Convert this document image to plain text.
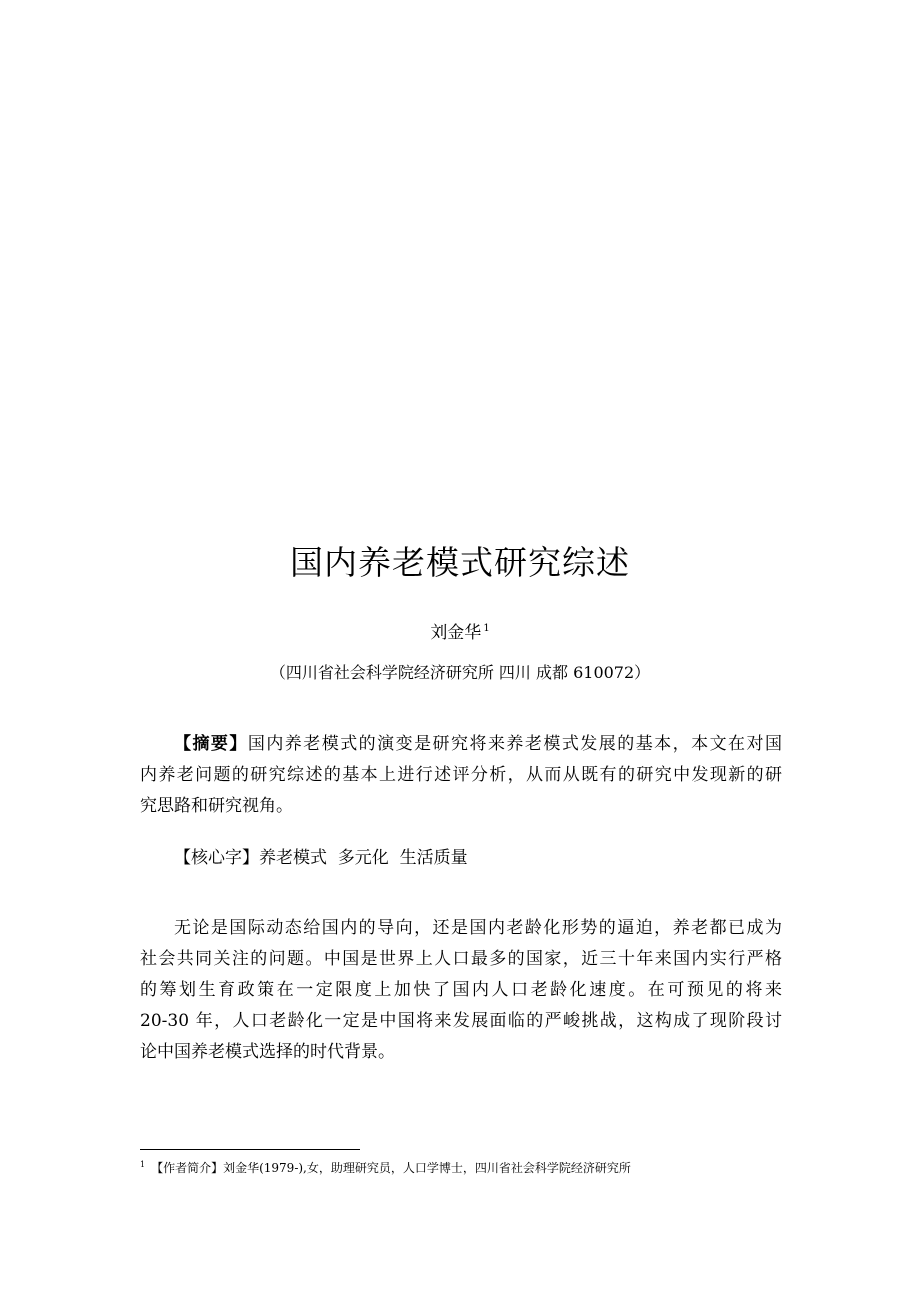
国内养老模式研究综述
刘金华 $^1$
（四川省社会科学院经济研究所 四川 成都 610072）
【摘要】国内养老模式的演变是研究将来养老模式发展的基本，本文在对国
内养老问题的研究综述的基本上进行述评分析，从而从既有的研究中发现新的研
究思路和研究视角。
【核心字】养老模式  多元化  生活质量
无论是国际动态给国内的导向，还是国内老龄化形势的逼迫，养老都已成为
社会共同关注的问题。中国是世界上人口最多的国家，近三十年来国内实行严格
的筹划生育政策在一定限度上加快了国内人口老龄化速度。在可预见的将来
20-30 年，人口老龄化一定是中国将来发展面临的严峻挑战，这构成了现阶段讨
论中国养老模式选择的时代背景。
$^1$ 【作者简介】刘金华(1979-),女，助理研究员，人口学博士，四川省社会科学院经济研究所
